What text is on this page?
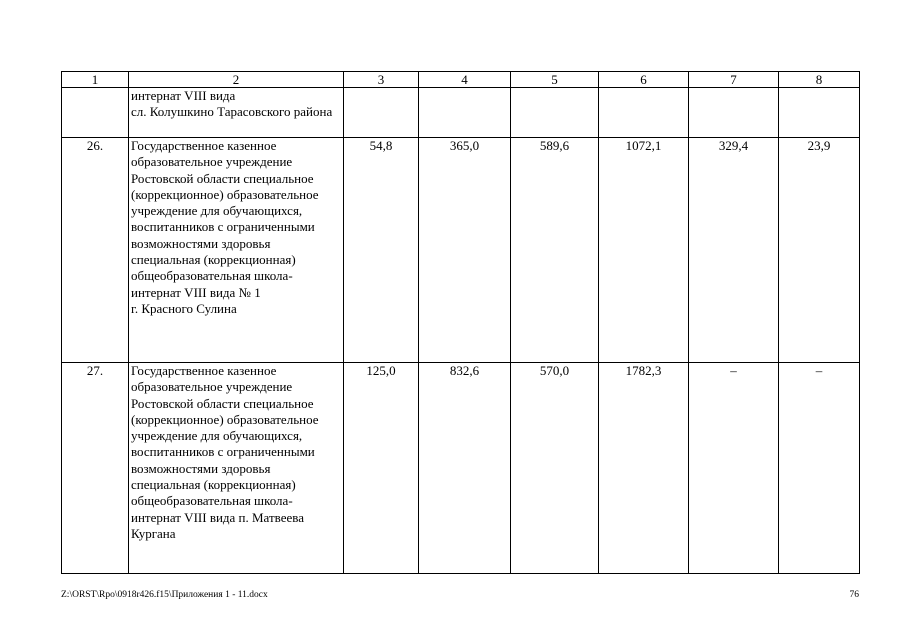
1	2	3	4	5	6	7	8
	интернат VIII вида
сл. Колушкино Тарасовского района						
26.	Государственное казенное образовательное учреждение Ростовской области специальное (коррекционное) образовательное учреждение для обучающихся, воспитанников с ограниченными возможностями здоровья специальная (коррекционная) общеобразовательная школа-интернат VIII вида № 1
г. Красного Сулина	54,8	365,0	589,6	1072,1	329,4	23,9
27.	Государственное казенное образовательное учреждение Ростовской области специальное (коррекционное) образовательное учреждение для обучающихся, воспитанников с ограниченными возможностями здоровья специальная (коррекционная) общеобразовательная школа-интернат VIII вида п. Матвеева Кургана	125,0	832,6	570,0	1782,3	–	–
Z:\ORST\Rpo\0918r426.f15\Приложения 1 - 11.docx	76
